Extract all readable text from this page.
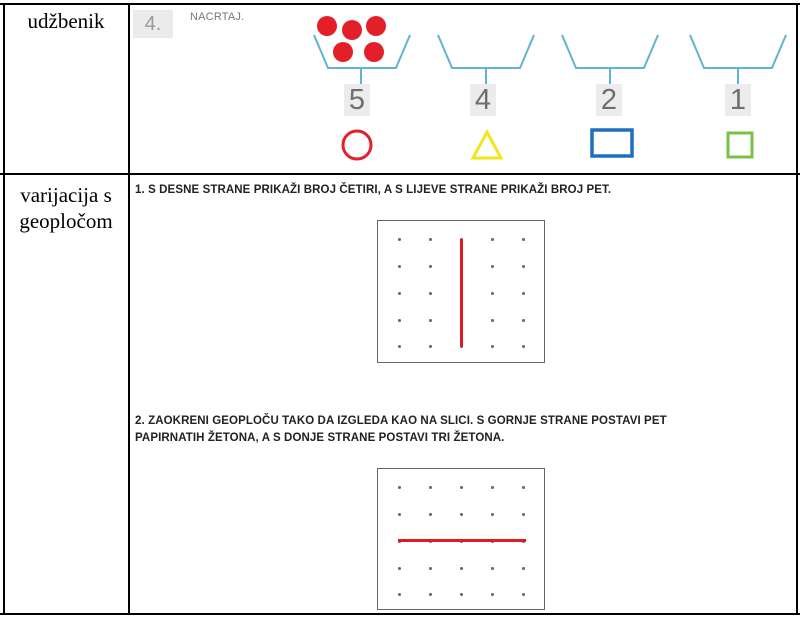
udžbenik	4.	NACRTAJ.
5	4	2	1
varijacija s
geopločom
1. S DESNE STRANE PRIKAŽI BROJ ČETIRI, A S LIJEVE STRANE PRIKAŽI BROJ PET.
2. ZAOKRENI GEOPLOČU TAKO DA IZGLEDA KAO NA SLICI. S GORNJE STRANE POSTAVI PET
PAPIRNATIH ŽETONA, A S DONJE STRANE POSTAVI TRI ŽETONA.
